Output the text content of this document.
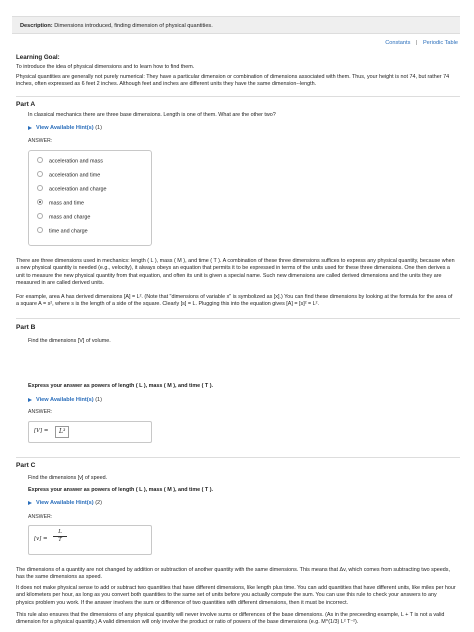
Description: Dimensions introduced, finding dimension of physical quantities.
Constants | Periodic Table
Learning Goal:
To introduce the idea of physical dimensions and to learn how to find them.
Physical quantities are generally not purely numerical: They have a particular dimension or combination of dimensions associated with them. Thus, your height is not 74, but rather 74 inches, often expressed as 6 feet 2 inches. Although feet and inches are different units they have the same dimension--length.
Part A
In classical mechanics there are three base dimensions. Length is one of them. What are the other two?
View Available Hint(s) (1)
ANSWER:
acceleration and mass
acceleration and time
acceleration and charge
mass and time
mass and charge
time and charge
There are three dimensions used in mechanics: length ( L ), mass ( M ), and time ( T ). A combination of these three dimensions suffices to express any physical quantity, because when a new physical quantity is needed (e.g., velocity), it always obeys an equation that permits it to be expressed in terms of the units used for these three dimensions. One then derives a unit to measure the new physical quantity from that equation, and often its unit is given a special name. Such new dimensions are called derived dimensions and the units they are measured in are called derived units.
For example, area A has derived dimensions [A] = L². (Note that "dimensions of variable x" is symbolized as [x].) You can find these dimensions by looking at the formula for the area of a square A = s², where s is the length of a side of the square. Clearly [s] = L. Plugging this into the equation gives [A] = [s]² = L².
Part B
Find the dimensions [V] of volume.
Express your answer as powers of length ( L ), mass ( M ), and time ( T ).
View Available Hint(s) (1)
ANSWER:
[V] =	L³
Part C
Find the dimensions [v] of speed.
Express your answer as powers of length ( L ), mass ( M ), and time ( T ).
View Available Hint(s) (2)
ANSWER:
$[v] = \frac{L}{T}$
The dimensions of a quantity are not changed by addition or subtraction of another quantity with the same dimensions. This means that Δv, which comes from subtracting two speeds, has the same dimensions as speed.
It does not make physical sense to add or subtract two quantities that have different dimensions, like length plus time. You can add quantities that have different units, like miles per hour and kilometers per hour, as long as you convert both quantities to the same set of units before you actually compute the sum. You can use this rule to check your answers to any physics problem you work. If the answer involves the sum or difference of two quantities with different dimensions, then it must be incorrect.
This rule also ensures that the dimensions of any physical quantity will never involve sums or differences of the base dimensions. (As in the preceeding example, L + T is not a valid dimension for a physical quantity.) A valid dimension will only involve the product or ratio of powers of the base dimensions (e.g. M^(1/3) L² T⁻²).
